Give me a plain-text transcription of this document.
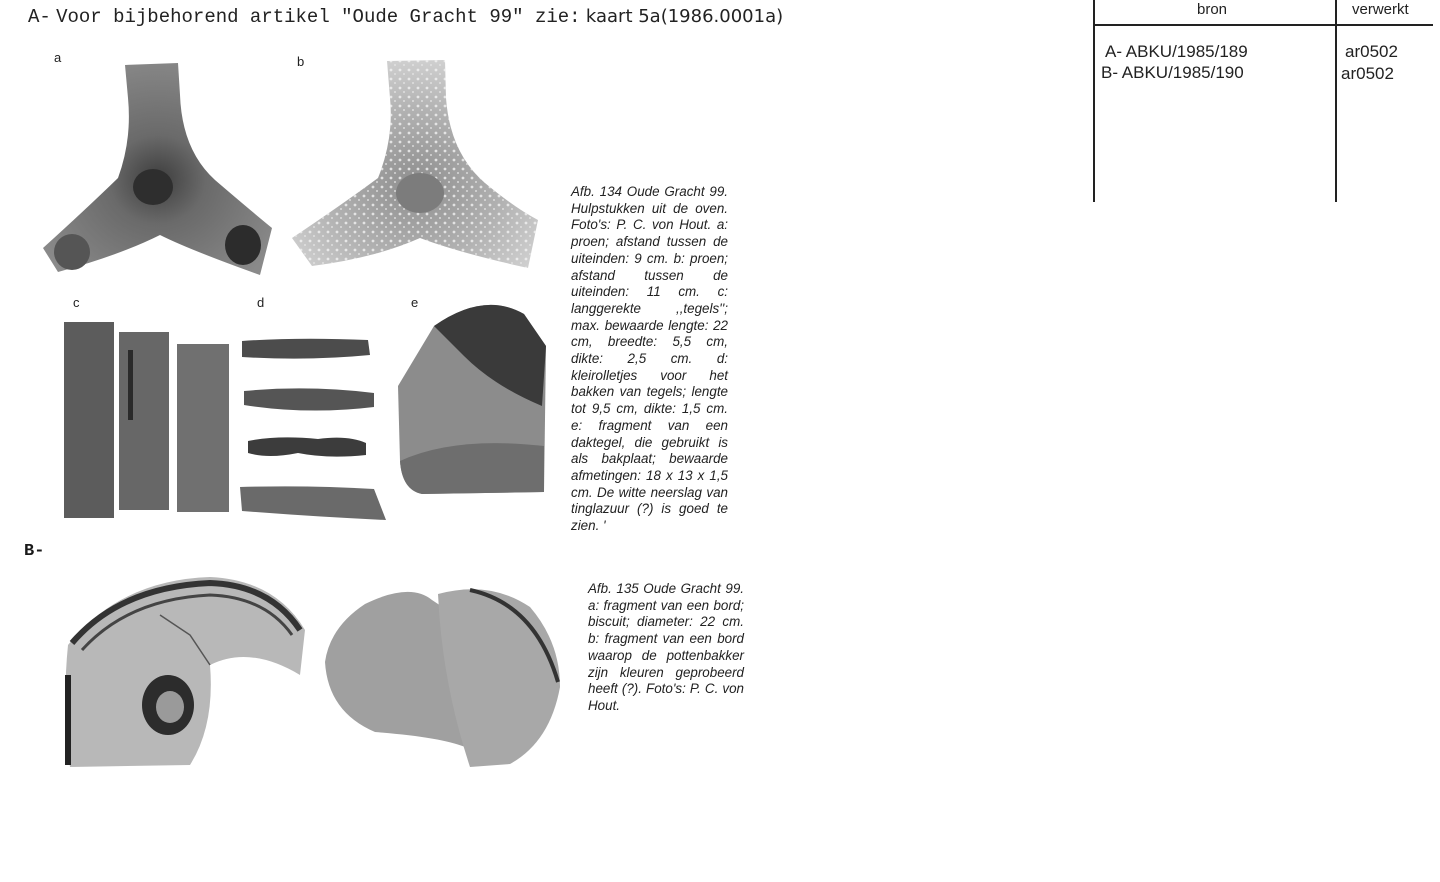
A- Voor bijbehorend artikel "Oude Gracht 99" zie: kaart 5a(1986.0001a)
a	b
c	d	e
Afb. 134 Oude Gracht 99. Hulpstukken uit de oven. Foto's: P. C. von Hout. a: proen; afstand tussen de uiteinden: 9 cm. b: proen; afstand tussen de uiteinden: 11 cm. c: langgerekte ,,tegels''; max. bewaarde lengte: 22 cm, breedte: 5,5 cm, dikte: 2,5 cm. d: kleirolletjes voor het bakken van tegels; lengte tot 9,5 cm, dikte: 1,5 cm. e: fragment van een daktegel, die gebruikt is als bakplaat; bewaarde afmetingen: 18 x 13 x 1,5 cm. De witte neerslag van tinglazuur (?) is goed te zien. '
B-
Afb. 135 Oude Gracht 99. a: fragment van een bord; biscuit; diameter: 22 cm. b: fragment van een bord waarop de pottenbakker zijn kleuren geprobeerd heeft (?). Foto's: P. C. von Hout.
bron	verwerkt
A- ABKU/1985/189	ar0502
B- ABKU/1985/190	ar0502
